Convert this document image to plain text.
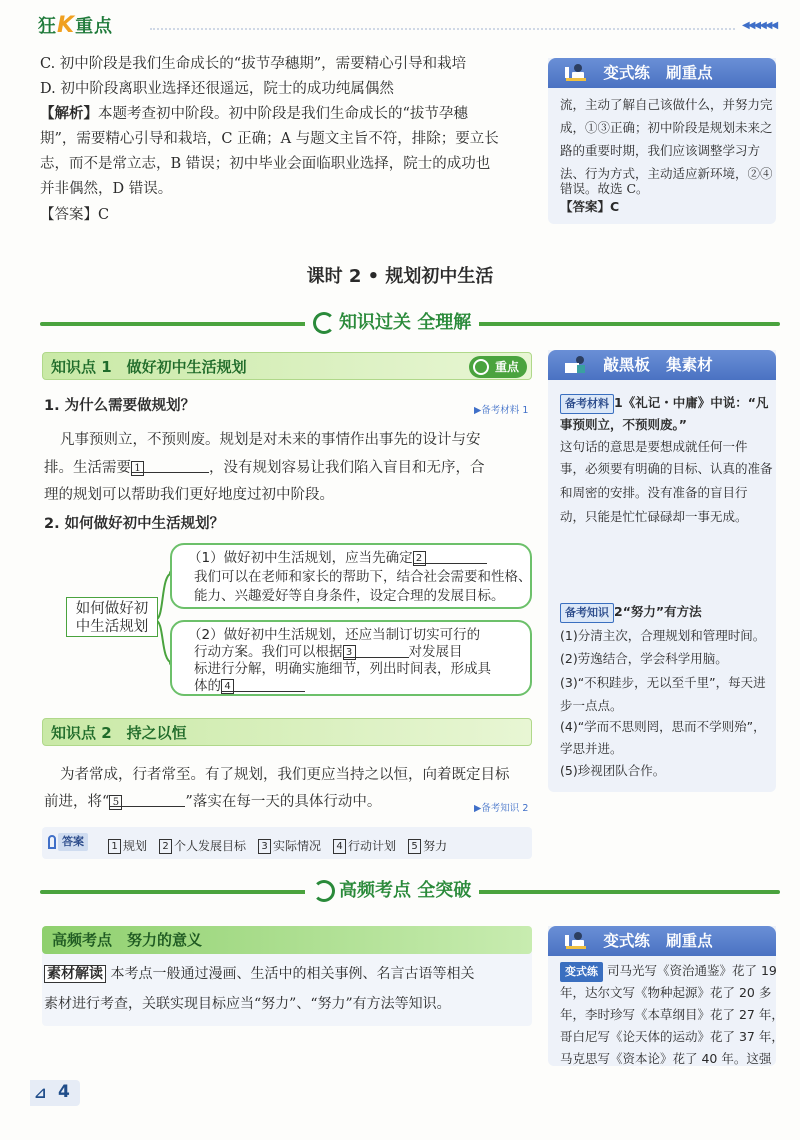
狂K重点	◀◀◀◀◀◀
C. 初中阶段是我们生命成长的“拔节孕穗期”，需要精心引导和栽培
D. 初中阶段离职业选择还很遥远，院士的成功纯属偶然
【解析】本题考查初中阶段。初中阶段是我们生命成长的“拔节孕穗
期”，需要精心引导和栽培，C 正确；A 与题文主旨不符，排除；要立长
志，而不是常立志，B 错误；初中毕业会面临职业选择，院士的成功也
并非偶然，D 错误。
【答案】C
变式练 刷重点
流，主动了解自己该做什么，并努力完
成，①③正确；初中阶段是规划未来之
路的重要时期，我们应该调整学习方
法、行为方式，主动适应新环境，②④
错误。故选 C。
【答案】C
课时 2 • 规划初中生活
知识过关 全理解
知识点 1　做好初中生活规划	重点
1. 为什么需要做规划？	▶备考材料 1
凡事预则立，不预则废。规划是对未来的事情作出事先的设计与安
排。生活需要 1	，没有规划容易让我们陷入盲目和无序，合
理的规划可以帮助我们更好地度过初中阶段。
2. 如何做好初中生活规划？
如何做好初
中生活规划
（1）做好初中生活规划，应当先确定 2
我们可以在老师和家长的帮助下，结合社会需要和性格、
能力、兴趣爱好等自身条件，设定合理的发展目标。
（2）做好初中生活规划，还应当制订切实可行的
行动方案。我们可以根据 3	对发展目
标进行分解，明确实施细节，列出时间表，形成具
体的 4
知识点 2　持之以恒
为者常成，行者常至。有了规划，我们更应当持之以恒，向着既定目标
前进，将“ 5	”落实在每一天的具体行动中。	▶备考知识 2
答案	1 规划 2 个人发展目标 3 实际情况 4 行动计划 5 努力
敲黑板 集素材
备考材料 1《礼记・中庸》中说：“凡
事预则立，不预则废。”
这句话的意思是要想成就任何一件
事，必须要有明确的目标、认真的准备
和周密的安排。没有准备的盲目行
动，只能是忙忙碌碌却一事无成。
备考知识 2“努力”有方法
(1)分清主次，合理规划和管理时间。
(2)劳逸结合，学会科学用脑。
(3)“不积跬步，无以至千里”，每天进
步一点点。
(4)“学而不思则罔，思而不学则殆”，
学思并进。
(5)珍视团队合作。
高频考点 全突破
高频考点　努力的意义
素材解读 本考点一般通过漫画、生活中的相关事例、名言古语等相关
素材进行考查，关联实现目标应当“努力”、“努力”有方法等知识。
变式练 刷重点
变式练 司马光写《资治通鉴》花了 19
年，达尔文写《物种起源》花了 20 多
年，李时珍写《本草纲目》花了 27 年，
哥白尼写《论天体的运动》花了 37 年，
马克思写《资本论》花了 40 年。这强
⊿ 4
